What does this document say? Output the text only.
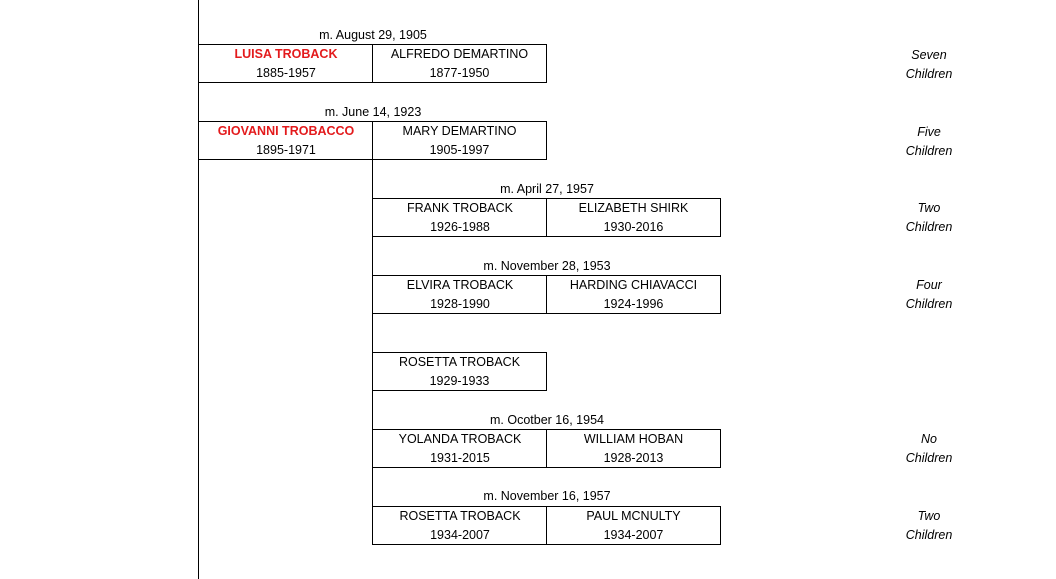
m. August 29, 1905
LUISA TROBACK
1885-1957
ALFREDO DEMARTINO
1877-1950
Seven
Children
m. June 14, 1923
GIOVANNI TROBACCO
1895-1971
MARY DEMARTINO
1905-1997
Five
Children
m. April 27, 1957
FRANK TROBACK
1926-1988
ELIZABETH SHIRK
1930-2016
Two
Children
m. November 28, 1953
ELVIRA TROBACK
1928-1990
HARDING CHIAVACCI
1924-1996
Four
Children
ROSETTA TROBACK
1929-1933
m. Ocotber 16, 1954
YOLANDA TROBACK
1931-2015
WILLIAM HOBAN
1928-2013
No
Children
m. November 16, 1957
ROSETTA TROBACK
1934-2007
PAUL MCNULTY
1934-2007
Two
Children
